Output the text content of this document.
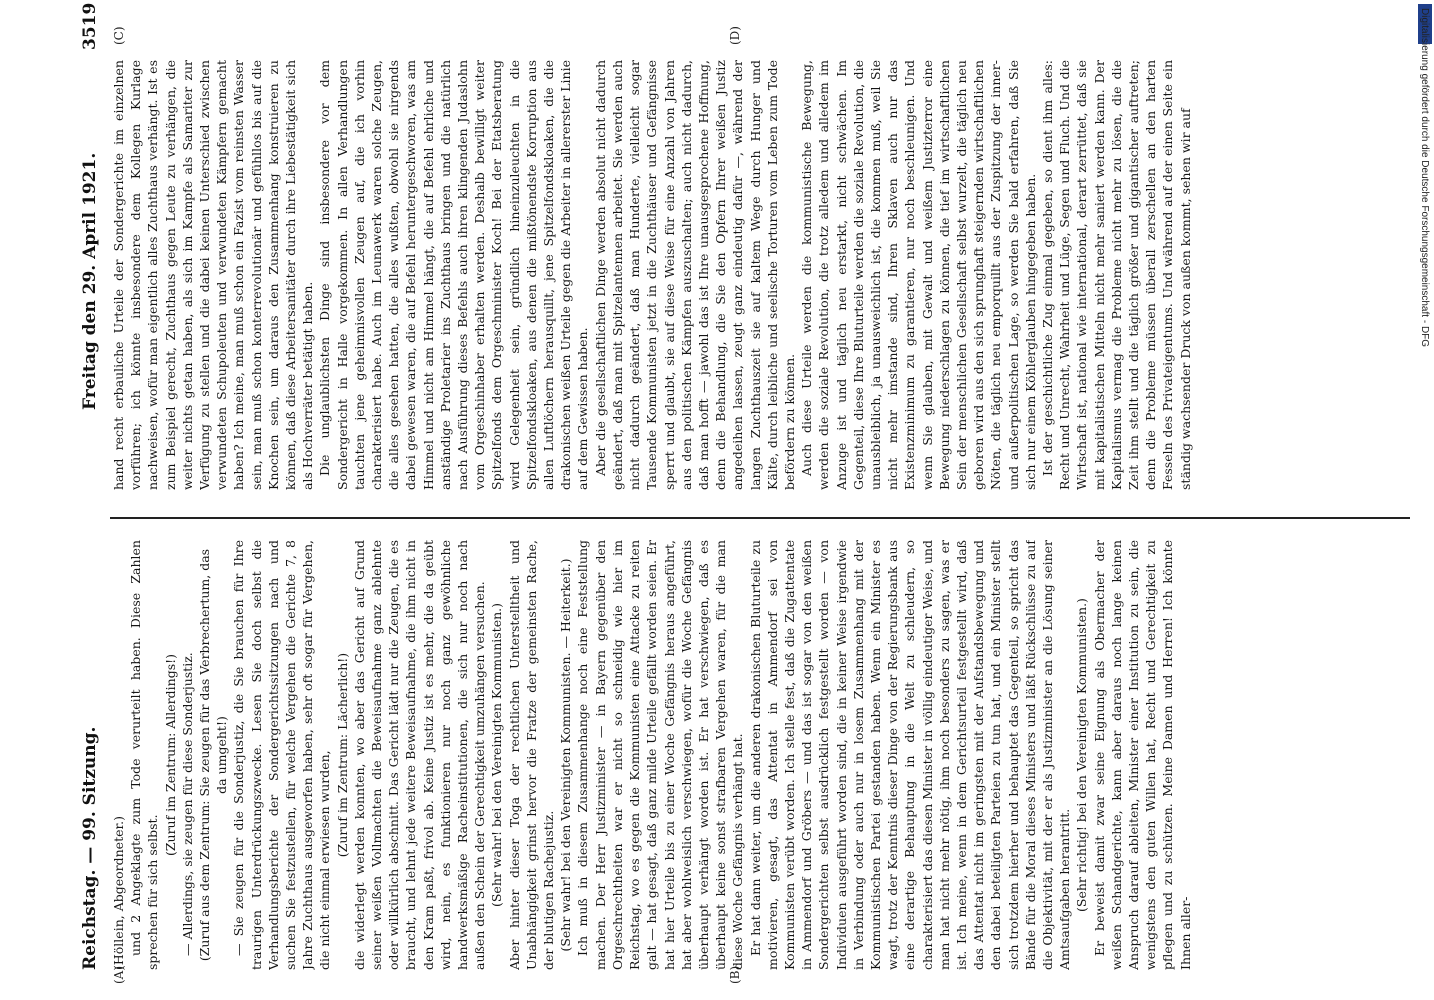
Reichstag. — 99. Sitzung.
Freitag den 29. April 1921.
3519
(A)	(B)
(C)	(D)

(Höllein, Abgeordneter.) und 2 Angeklagte zum Tode verurteilt haben. Diese Zahlen sprechen für sich selbst.

(Zuruf im Zentrum: Allerdings!) — Allerdings, sie zeugen für diese Sonderjustiz. (Zuruf aus dem Zentrum: Sie zeugen für das Verbrechertum, das da umgeht!) — Sie zeugen für die Sonderjustiz, die Sie brauchen für Ihre traurigen Unterdrückungszwecke. Lesen Sie doch selbst die Verhandlungsberichte der Sondergerichtssitzungen nach und suchen Sie festzustellen, für welche Vergehen die Gerichte 7, 8 Jahre Zuchthaus ausgeworfen haben, sehr oft sogar für Vergehen, die nicht einmal erwiesen wurden, (Zuruf im Zentrum: Lächerlich!) die widerlegt werden konnten, wo aber das Gericht auf Grund seiner weißen Vollmachten die Beweisaufnahme ganz ablehnte oder willkürlich abschnitt. Das Gericht lädt nur die Zeugen, die es braucht, und lehnt jede weitere Beweisaufnahme, die ihm nicht in den Kram paßt, frivol ab. Keine Justiz ist es mehr, die da geübt wird, nein, es funktionieren nur noch ganz gewöhnliche handwerksmäßige Racheinstitutionen, die sich nur noch nach außen den Schein der Gerechtigkeit umzuhängen versuchen. (Sehr wahr! bei den Vereinigten Kommunisten.) Aber hinter dieser Toga der rechtlichen Unterstelltheit und Unabhängigkeit grinst hervor die Fratze der gemeinsten Rache, der blutigen Rachejustiz. (Sehr wahr! bei den Vereinigten Kommunisten. — Heiterkeit.) Ich muß in diesem Zusammenhange noch eine Feststellung machen. Der Herr Justizminister — in Bayern gegenüber den Orgeschrechtheiten war er nicht so schneidig wie hier im Reichstag, wo es gegen die Kommunisten eine Attacke zu reiten galt — hat gesagt, daß ganz milde Urteile gefällt worden seien. Er hat hier Urteile bis zu einer Woche Gefängnis heraus angeführt, hat aber wohlweislich verschwiegen, wofür die Woche Gefängnis überhaupt verhängt worden ist. Er hat verschwiegen, daß es überhaupt keine sonst strafbaren Vergehen waren, für die man diese Woche Gefängnis verhängt hat. Er hat dann weiter, um die anderen drakonischen Bluturteile zu motivieren, gesagt, das Attentat in Ammendorf sei von Kommunisten verübt worden. Ich stelle fest, daß die Zugattentate in Ammendorf und Gröbers — und das ist sogar von den weißen Sondergerichten selbst ausdrücklich festgestellt worden — von Individuen ausgeführt worden sind, die in keiner Weise irgendwie in Verbindung oder auch nur in losem Zusammenhang mit der Kommunistischen Partei gestanden haben. Wenn ein Minister es wagt, trotz der Kenntnis dieser Dinge von der Regierungsbank aus eine derartige Behauptung in die Welt zu schleudern, so charakterisiert das diesen Minister in völlig eindeutiger Weise, und man hat nicht mehr nötig, ihm noch besonders zu sagen, was er ist. Ich meine, wenn in dem Gerichtsurteil festgestellt wird, daß das Attentat nicht im geringsten mit der Aufstandsbewegung und den dabei beteiligten Parteien zu tun hat, und ein Minister stellt sich trotzdem hierher und behauptet das Gegenteil, so spricht das Bände für die Moral dieses Ministers und läßt Rückschlüsse zu auf die Objektivität, mit der er als Justizminister an die Lösung seiner Amtsaufgaben herantritt. (Sehr richtig! bei den Vereinigten Kommunisten.) Er beweist damit zwar seine Eignung als Obermacher der weißen Schandgerichte, kann aber daraus noch lange keinen Anspruch darauf ableiten, Minister einer Institution zu sein, die wenigstens den guten Willen hat, Recht und Gerechtigkeit zu pflegen und zu schützen. Meine Damen und Herren! Ich könnte Ihnen aller-

hand recht erbauliche Urteile der Sondergerichte im einzelnen vorführen; ich könnte insbesondere dem Kollegen Kurlage nachweisen, wofür man eigentlich alles Zuchthaus verhängt. Ist es zum Beispiel gerecht, Zuchthaus gegen Leute zu verhängen, die weiter nichts getan haben, als sich im Kampfe als Samariter zur Verfügung zu stellen und die dabei keinen Unterschied zwischen verwundeten Schupoleuten und verwundeten Kämpfern gemacht haben? Ich meine, man muß schon ein Fazist vom reinsten Wasser sein, man muß schon konterrevolutionär und gefühllos bis auf die Knochen sein, um daraus den Zusammenhang konstruieren zu können, daß diese Arbeitersanitäter durch ihre Liebestätigkeit sich als Hochverräter betätigt haben. Die unglaublichsten Dinge sind insbesondere vor dem Sondergericht in Halle vorgekommen. In allen Verhandlungen tauchten jene geheimnisvollen Zeugen auf, die ich vorhin charakterisiert habe. Auch im Leunawerk waren solche Zeugen, die alles gesehen hatten, die alles wußten, obwohl sie nirgends dabei gewesen waren, die auf Befehl heruntergeschworen, was am Himmel und nicht am Himmel hängt, die auf Befehl ehrliche und anständige Proletarier ins Zuchthaus bringen und die natürlich nach Ausführung dieses Befehls auch ihren klingenden Judaslohn vom Orgeschinhaber erhalten werden. Deshalb bewilligt weiter Spitzelfonds dem Orgeschminister Koch! Bei der Etatsberatung wird Gelegenheit sein, gründlich hineinzuleuchten in die Spitzelfondskloaken, aus denen die mißtönendste Korruption aus allen Luftlöchern herausquillt, jene Spitzelfondskloaken, die die drakonischen weißen Urteile gegen die Arbeiter in allererster Linie auf dem Gewissen haben. Aber die gesellschaftlichen Dinge werden absolut nicht dadurch geändert, daß man mit Spitzelantennen arbeitet. Sie werden auch nicht dadurch geändert, daß man Hunderte, vielleicht sogar Tausende Kommunisten jetzt in die Zuchthäuser und Gefängnisse sperrt und glaubt, sie auf diese Weise für eine Anzahl von Jahren aus den politischen Kämpfen auszuschalten; auch nicht dadurch, daß man hofft — jawohl das ist Ihre unausgesprochene Hoffnung, denn die Behandlung, die Sie den Opfern Ihrer weißen Justiz angedeihen lassen, zeugt ganz eindeutig dafür —, während der langen Zuchthauszeit sie auf kaltem Wege durch Hunger und Kälte, durch leibliche und seelische Torturen vom Leben zum Tode befördern zu können. Auch diese Urteile werden die kommunistische Bewegung, werden die soziale Revolution, die trotz alledem und alledem im Anzuge ist und täglich neu erstarkt, nicht schwächen. Im Gegenteil, diese Ihre Bluturteile werden die soziale Revolution, die unausbleiblich, ja unausweichlich ist, die kommen muß, weil Sie nicht mehr imstande sind, Ihren Sklaven auch nur das Existenzminimum zu garantieren, nur noch beschleunigen. Und wenn Sie glauben, mit Gewalt und weißem Justizterror eine Bewegung niederschlagen zu können, die tief im wirtschaftlichen Sein der menschlichen Gesellschaft selbst wurzelt, die täglich neu geboren wird aus den sich sprunghaft steigernden wirtschaftlichen Nöten, die täglich neu emporquillt aus der Zuspitzung der inner- und außerpolitischen Lage, so werden Sie bald erfahren, daß Sie sich nur einem Köhlerglauben hingegeben haben. Ist der geschichtliche Zug einmal gegeben, so dient ihm alles: Recht und Unrecht, Wahrheit und Lüge, Segen und Fluch. Und die Wirtschaft ist, national wie international, derart zerrüttet, daß sie mit kapitalistischen Mitteln nicht mehr saniert werden kann. Der Kapitalismus vermag die Probleme nicht mehr zu lösen, die die Zeit ihm stellt und die täglich größer und gigantischer auftreten; denn die Probleme müssen überall zerschellen an den harten Fesseln des Privateigentums. Und während auf der einen Seite ein ständig wachsender Druck von außen kommt, sehen wir auf	Digitalisierung gefördert durch die Deutsche Forschungsgemeinschaft - DFG
